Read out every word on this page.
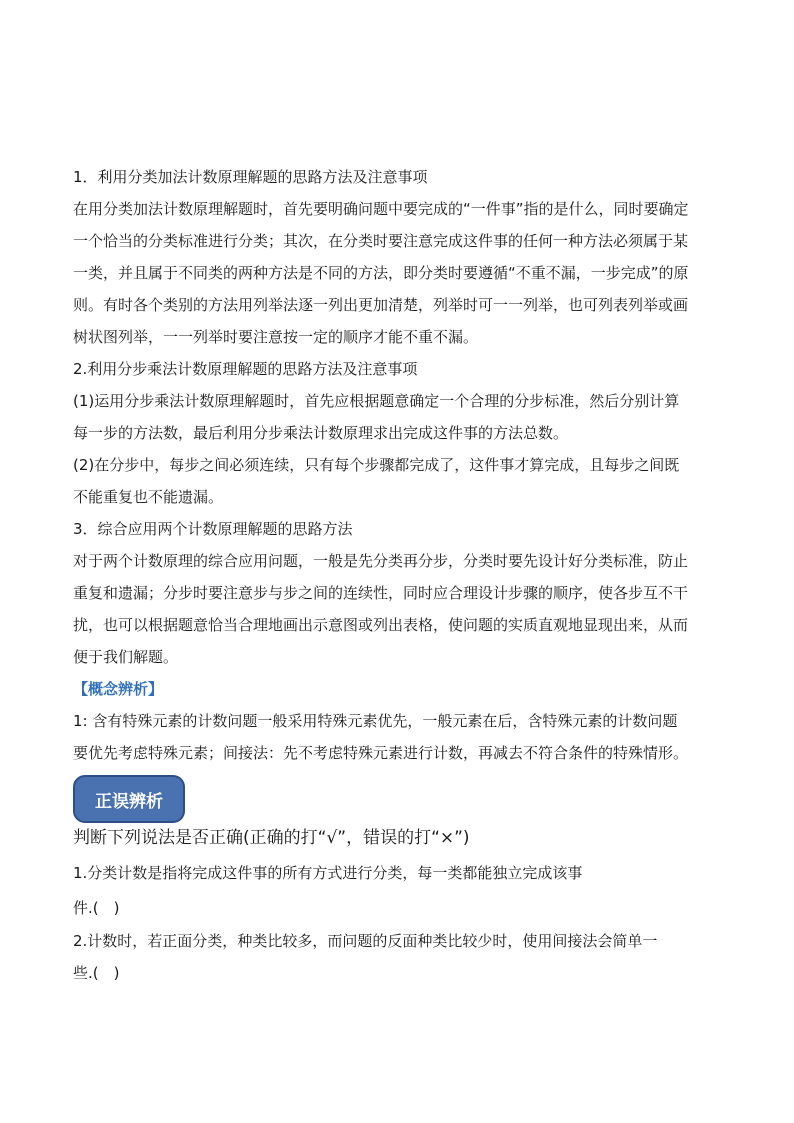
1．利用分类加法计数原理解题的思路方法及注意事项
在用分类加法计数原理解题时，首先要明确问题中要完成的“一件事”指的是什么，同时要确定
一个恰当的分类标准进行分类；其次，在分类时要注意完成这件事的任何一种方法必须属于某
一类，并且属于不同类的两种方法是不同的方法，即分类时要遵循“不重不漏，一步完成”的原
则。有时各个类别的方法用列举法逐一列出更加清楚，列举时可一一列举，也可列表列举或画
树状图列举，一一列举时要注意按一定的顺序才能不重不漏。
2.利用分步乘法计数原理解题的思路方法及注意事项
(1)运用分步乘法计数原理解题时，首先应根据题意确定一个合理的分步标准，然后分别计算
每一步的方法数，最后利用分步乘法计数原理求出完成这件事的方法总数。
(2)在分步中，每步之间必须连续，只有每个步骤都完成了，这件事才算完成，且每步之间既
不能重复也不能遗漏。
3．综合应用两个计数原理解题的思路方法
对于两个计数原理的综合应用问题，一般是先分类再分步，分类时要先设计好分类标准，防止
重复和遗漏；分步时要注意步与步之间的连续性，同时应合理设计步骤的顺序，使各步互不干
扰，也可以根据题意恰当合理地画出示意图或列出表格，使问题的实质直观地显现出来，从而
便于我们解题。
【概念辨析】
1: 含有特殊元素的计数问题一般采用特殊元素优先，一般元素在后，含特殊元素的计数问题
要优先考虑特殊元素；间接法：先不考虑特殊元素进行计数，再减去不符合条件的特殊情形。
正误辨析
判断下列说法是否正确(正确的打“√”，错误的打“×”)
1.分类计数是指将完成这件事的所有方式进行分类，每一类都能独立完成该事
件.(　)
2.计数时，若正面分类，种类比较多，而问题的反面种类比较少时，使用间接法会简单一
些.(　)
